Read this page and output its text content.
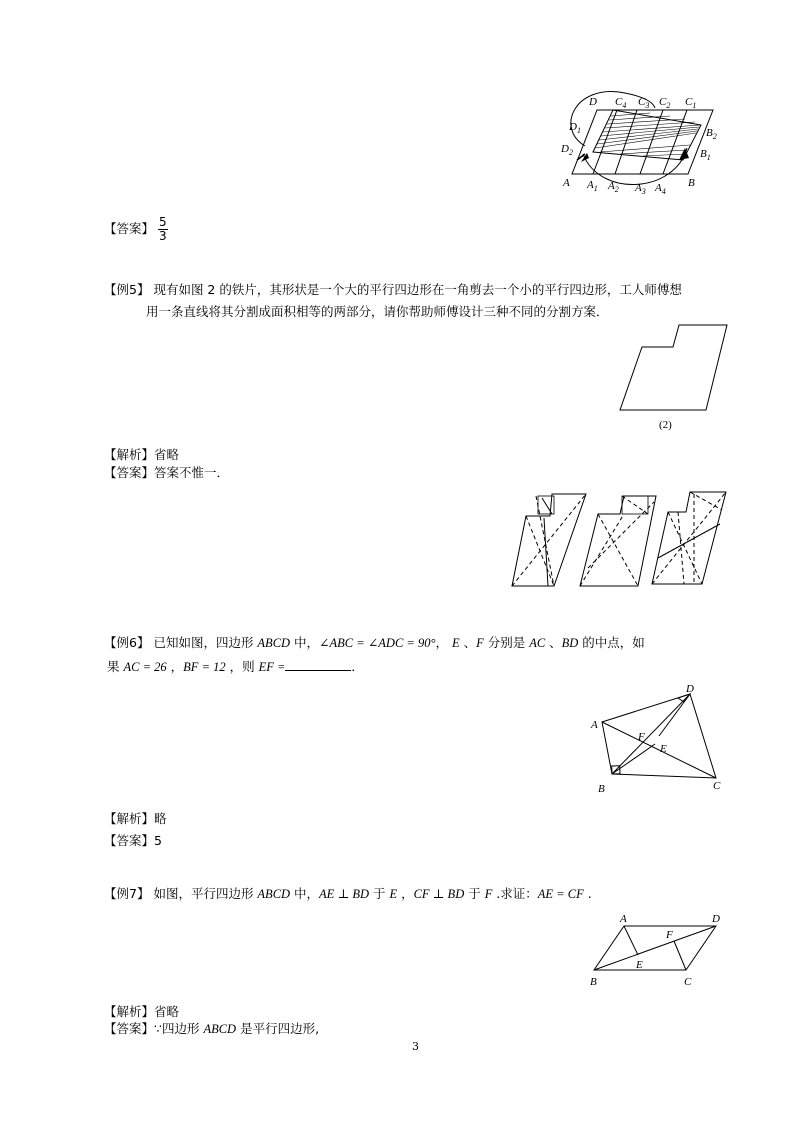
D $C_4$ $C_3$ $C_2$ $C_1$
$D_1$
$D_2$
$B_2$
$B_1$
A $A_1$ $A_2$ $A_3$ $A_4$
B
【答案】 $\frac{5}{3}$
【例5】 现有如图 2 的铁片，其形状是一个大的平行四边形在一角剪去一个小的平行四边形，工人师傅想
用一条直线将其分割成面积相等的两部分，请你帮助师傅设计三种不同的分割方案．
(2)
【解析】省略
【答案】答案不惟一．
【例6】 已知如图，四边形 ABCD 中，∠ABC = ∠ADC = 90°， E 、F 分别是 AC 、BD 的中点，如
果 AC = 26 ，BF = 12 ，则 EF =	．
A
B	C
D
F
E
【解析】略
【答案】5
【例7】 如图，平行四边形 ABCD 中，AE ⊥ BD 于 E ，CF ⊥ BD 于 F .求证：AE = CF .
A	D
B	C
F
E
【解析】省略
【答案】∵四边形 ABCD 是平行四边形,
3
